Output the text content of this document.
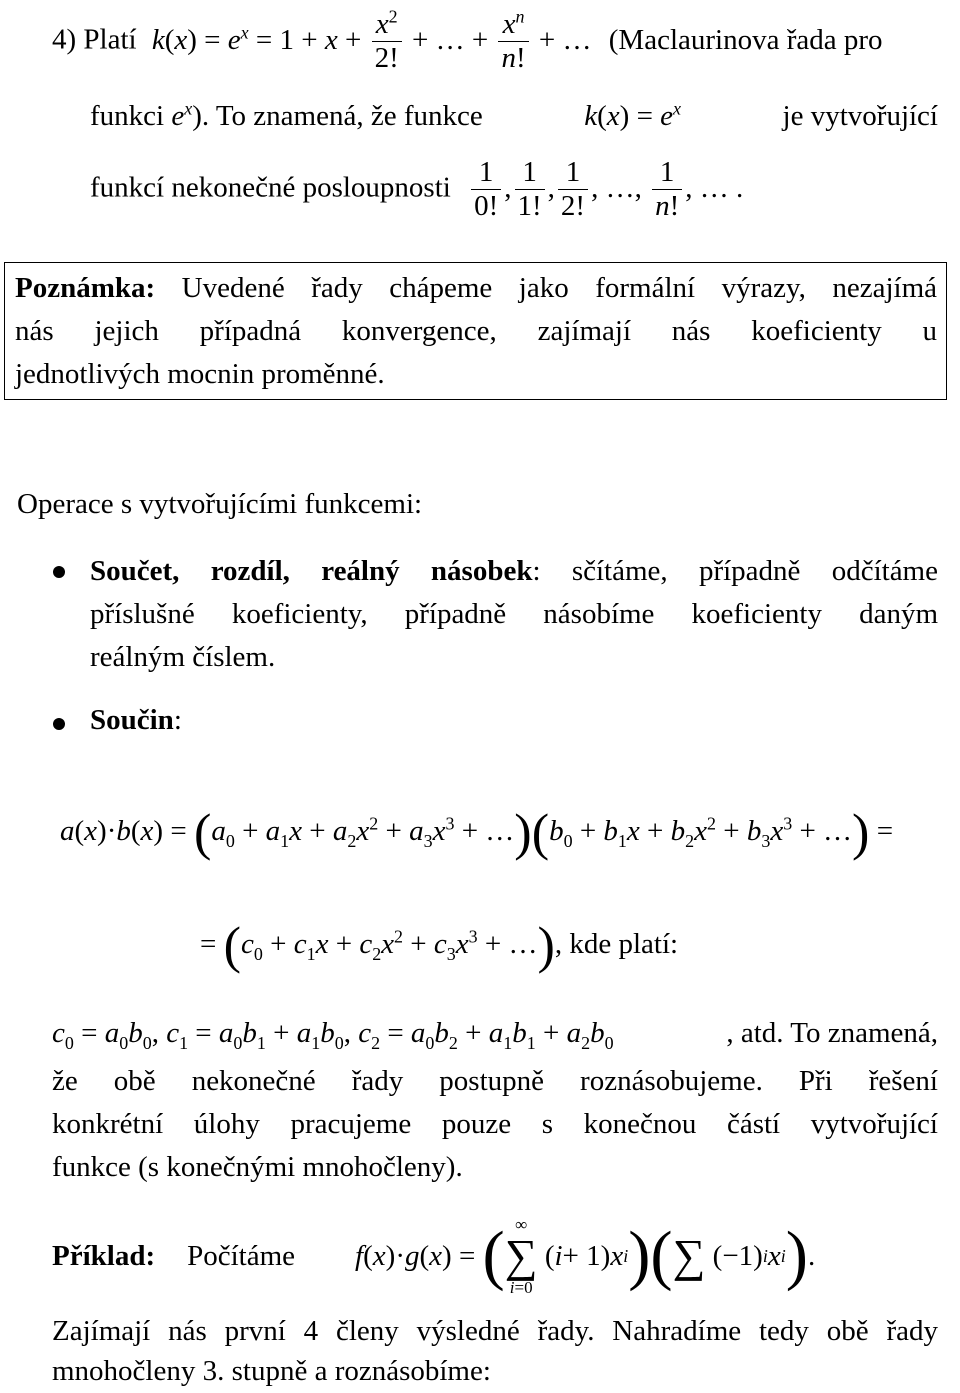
4) Platí $k(x) = e^x = 1 + x + \frac{x^2}{2!}$ + … + $\frac{x^n}{n!}$ + … (Maclaurinova řada pro
funkci $e^x$). To znamená, že funkce	$k(x) = e^x$	je vytvořující
funkcí nekonečné posloupnosti $\frac{1}{0!}$ , $\frac{1}{1!}$ , $\frac{1}{2!}$ , …, $\frac{1}{n!}$ , … .
Poznámka: Uvedené řady chápeme jako formální výrazy, nezajímá
nás jejich případná konvergence, zajímají nás koeficienty u
jednotlivých mocnin proměnné.
Operace s vytvořujícími funkcemi:
Součet, rozdíl, reálný násobek: sčítáme, případně odčítáme
příslušné koeficienty, případně násobíme koeficienty daným
reálným číslem.
Součin:
$a(x)\cdot b(x) = (a_0 + a_1x + a_2x^2 + a_3x^3$ + $\dots)(b_0 + b_1x + b_2x^2 + b_3x^3$ + …) =
= ($c_0 + c_1x + c_2x^2 + c_3x^3$ + …), kde platí:
$c_0 = a_0b_0$, $c_1 = a_0b_1 + a_1b_0$, $c_2 = a_0b_2 + a_1b_1 + a_2b_0$	, atd. To znamená,
že obě nekonečné řady postupně roznásobujeme. Při řešení
konkrétní úlohy pracujeme pouze s konečnou částí vytvořující
funkce (s konečnými mnohočleny).
Příklad: Počítáme f ( x )· g ( x ) = ( ∞
∑
i=0
( i + 1) x i ) ( ∑ (−1) i x i ) .
Zajímají nás první 4 členy výsledné řady. Nahradíme tedy obě řady
mnohočleny 3. stupně a roznásobíme:
